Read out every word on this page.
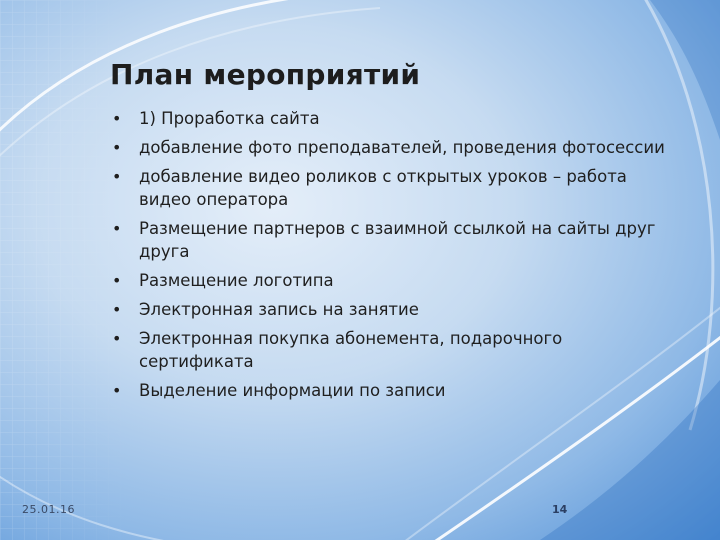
План мероприятий
• 1) Проработка сайта
• добавление фото преподавателей, проведения фотосессии
• добавление видео роликов с открытых уроков – работа видео оператора
• Размещение партнеров с взаимной ссылкой на сайты друг друга
• Размещение логотипа
• Электронная запись на занятие
• Электронная покупка абонемента, подарочного сертификата
• Выделение информации по записи
25.01.16	14
